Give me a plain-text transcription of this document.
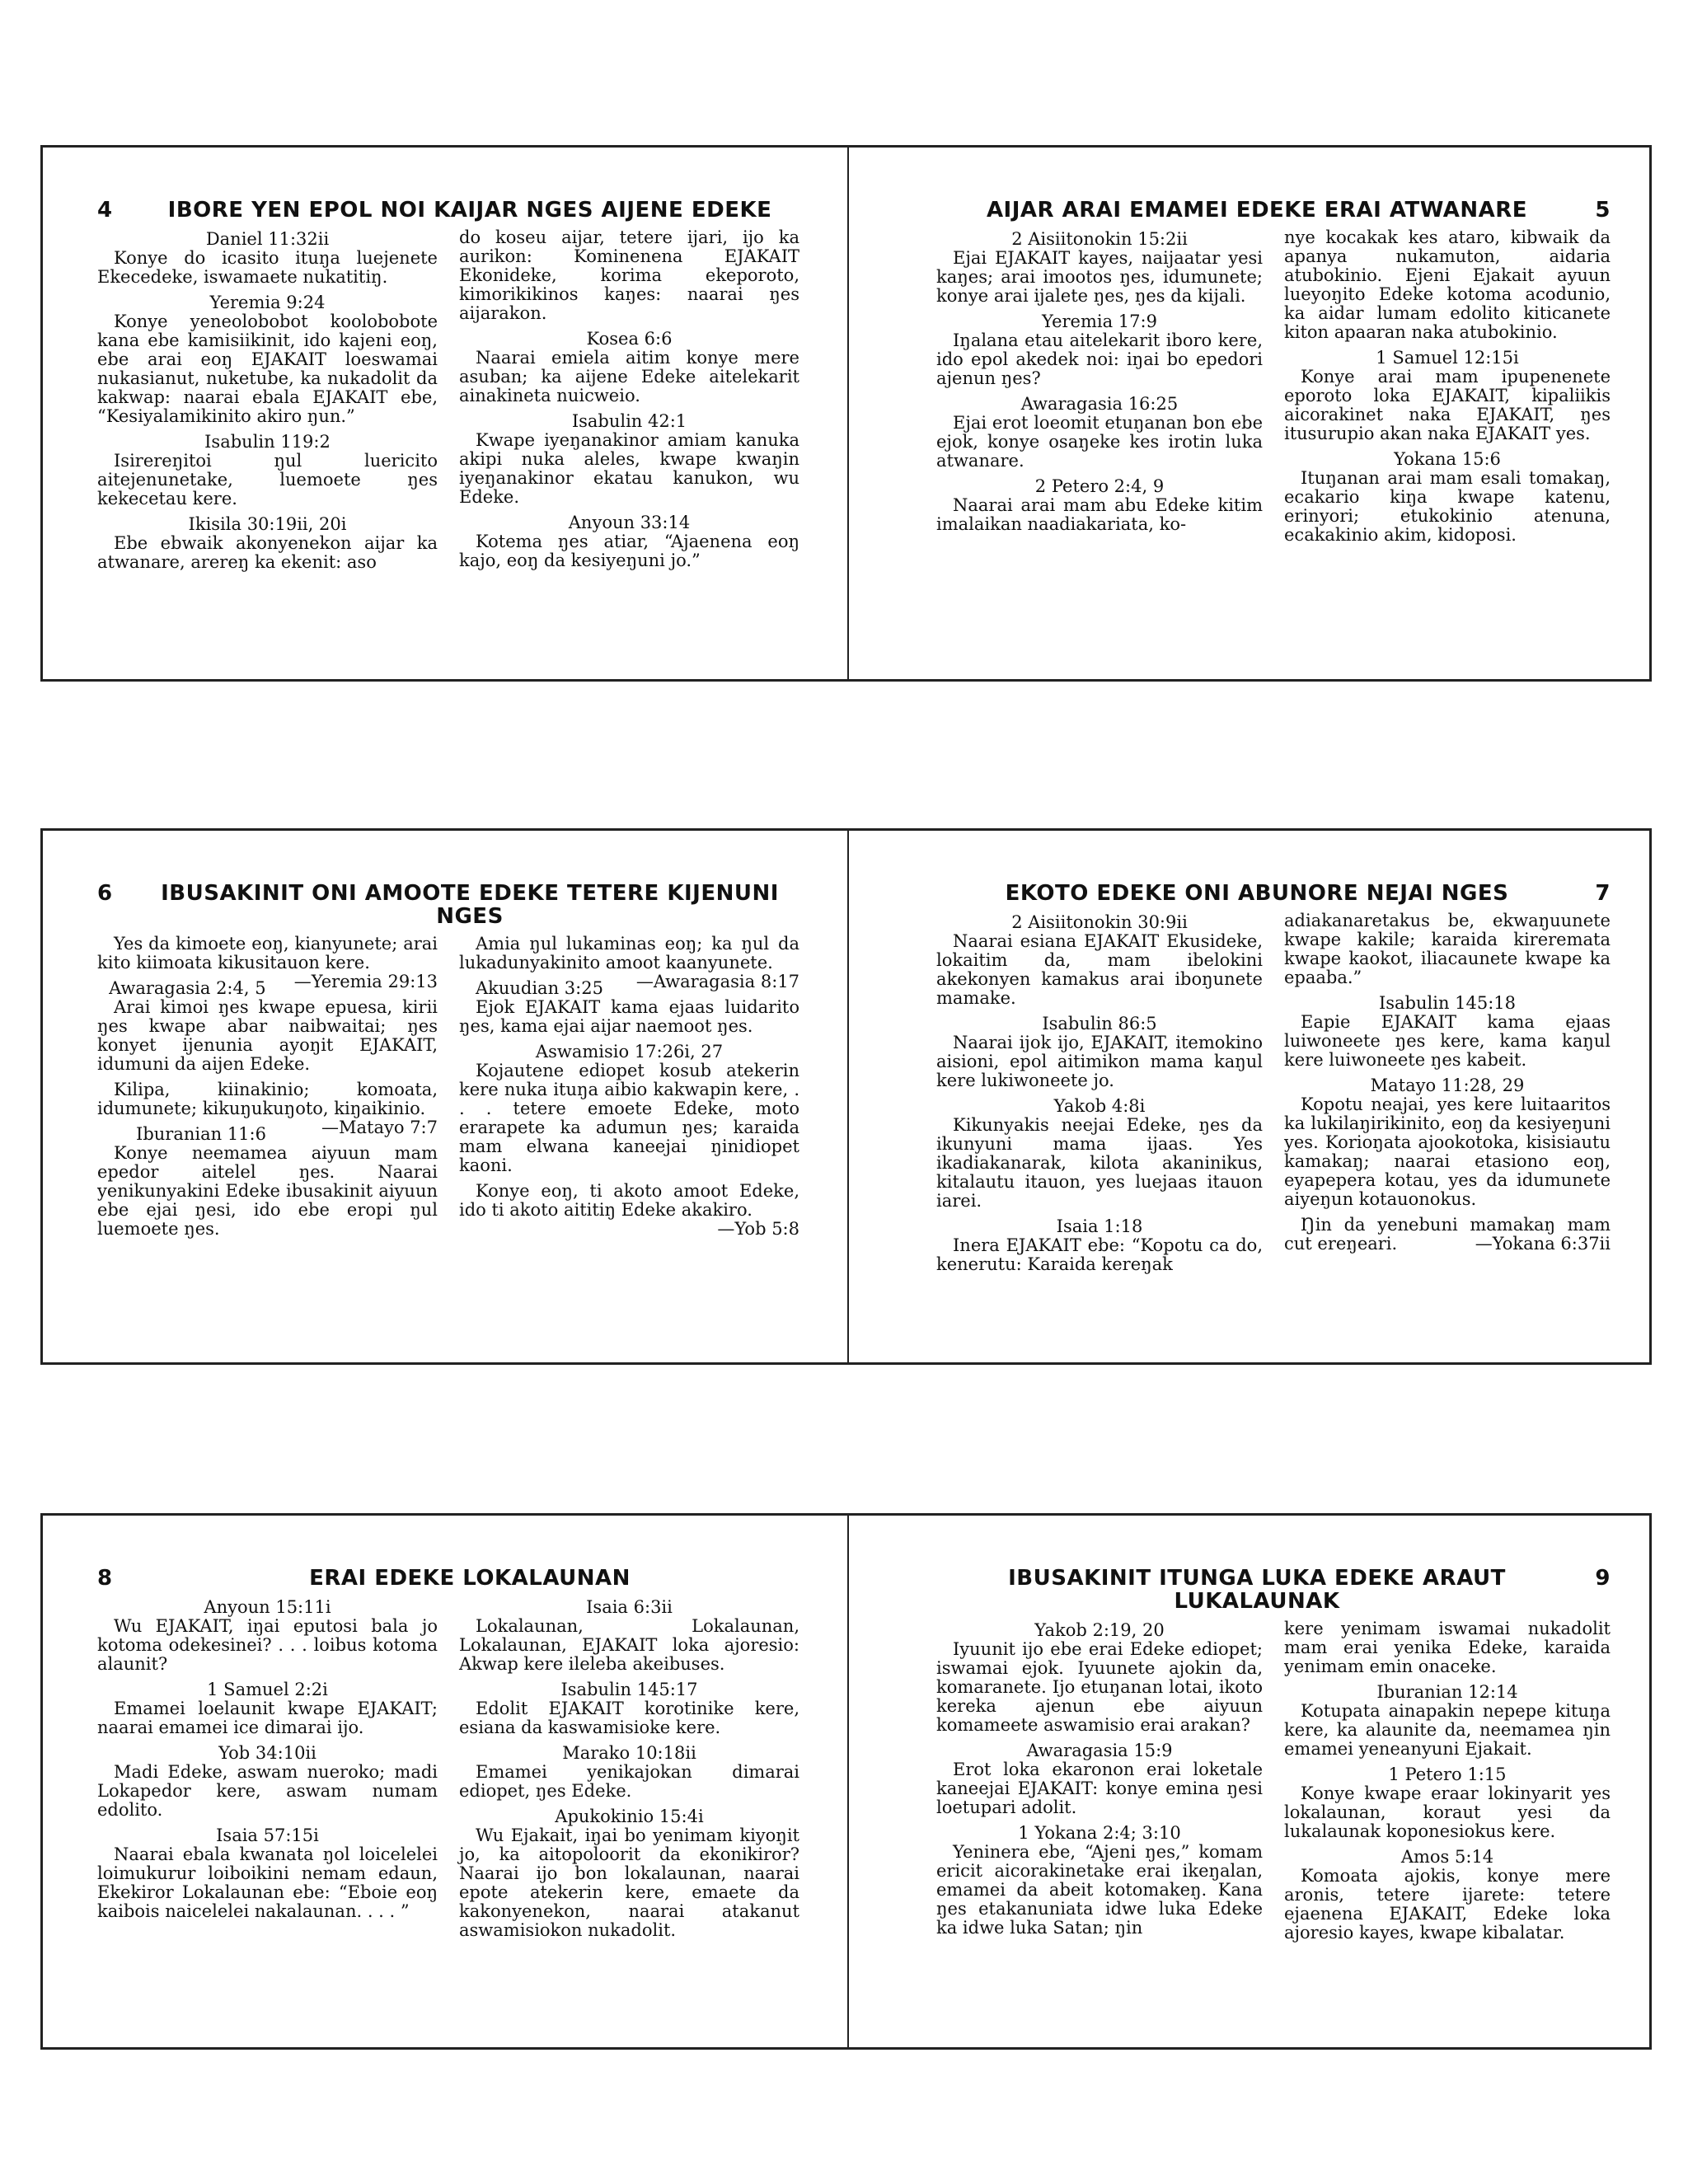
4	IBORE YEN EPOL NOI KAIJAR NGES AIJENE EDEKE
Daniel 11:32ii

Konye do icasito ituŋa luejenete Ekecedeke, iswamaete nukatitiŋ.

Yeremia 9:24

Konye yeneolobobot koolobobote kana ebe kamisiikinit, ido kajeni eoŋ, ebe arai eoŋ EJAKAIT loeswamai nukasianut, nuketube, ka nukadolit da kakwap: naarai ebala EJAKAIT ebe, “Kesiyalamikinito akiro ŋun.”

Isabulin 119:2

Isirereŋitoi ŋul luericito aitejenunetake, luemoete ŋes kekecetau kere.

Ikisila 30:19ii, 20i

Ebe ebwaik akonyenekon aijar ka atwanare, arereŋ ka ekenit: aso

do koseu aijar, tetere ijari, ijo ka aurikon: Kominenena EJAKAIT Ekonideke, korima ekeporoto, kimorikikinos kaŋes: naarai ŋes aijarakon.

Kosea 6:6

Naarai emiela aitim konye mere asuban; ka aijene Edeke aitelekarit ainakineta nuicweio.

Isabulin 42:1

Kwape iyeŋanakinor amiam kanuka akipi nuka aleles, kwape kwaŋin iyeŋanakinor ekatau kanukon, wu Edeke.

Anyoun 33:14

Kotema ŋes atiar, “Ajaenena eoŋ kajo, eoŋ da kesiyeŋuni jo.”

AIJAR ARAI EMAMEI EDEKE ERAI ATWANARE	5
2 Aisiitonokin 15:2ii

Ejai EJAKAIT kayes, naijaatar yesi kaŋes; arai imootos ŋes, idumunete; konye arai ijalete ŋes, ŋes da kijali.

Yeremia 17:9

Iŋalana etau aitelekarit iboro kere, ido epol akedek noi: iŋai bo epedori ajenun ŋes?

Awaragasia 16:25

Ejai erot loeomit etuŋanan bon ebe ejok, konye osaŋeke kes irotin luka atwanare.

2 Petero 2:4, 9

Naarai arai mam abu Edeke kitim imalaikan naadiakariata, ko-

nye kocakak kes ataro, kibwaik da apanya nukamuton, aidaria atubokinio. Ejeni Ejakait ayuun lueyoŋito Edeke kotoma acodunio, ka aidar lumam edolito kiticanete kiton apaaran naka atubokinio.

1 Samuel 12:15i

Konye arai mam ipupenenete eporoto loka EJAKAIT, kipaliikis aicorakinet naka EJAKAIT, ŋes itusurupio akan naka EJAKAIT yes.

Yokana 15:6

Ituŋanan arai mam esali tomakaŋ, ecakario kiŋa kwape katenu, erinyori; etukokinio atenuna, ecakakinio akim, kidoposi.

6	IBUSAKINIT ONI AMOOTE EDEKE TETERE KIJENUNI NGES

Yes da kimoete eoŋ, kianyunete; arai kito kiimoata kikusitauon kere.
—Yeremia 29:13

Awaragasia 2:4, 5

Arai kimoi ŋes kwape epuesa, kirii ŋes kwape abar naibwaitai; ŋes konyet ijenunia ayoŋit EJAKAIT, idumuni da aijen Edeke.

Kilipa, kiinakinio; komoata, idumunete; kikuŋukuŋoto, kiŋaikinio.
—Matayo 7:7

Iburanian 11:6

Konye neemamea aiyuun mam epedor aitelel ŋes. Naarai yenikunyakini Edeke ibusakinit aiyuun ebe ejai ŋesi, ido ebe eropi ŋul luemoete ŋes.

Amia ŋul lukaminas eoŋ; ka ŋul da lukadunyakinito amoot kaanyunete.
—Awaragasia 8:17

Akuudian 3:25

Ejok EJAKAIT kama ejaas luidarito ŋes, kama ejai aijar naemoot ŋes.

Aswamisio 17:26i, 27

Kojautene ediopet kosub atekerin kere nuka ituŋa aibio kakwapin kere, . . . tetere emoete Edeke, moto erarapete ka adumun ŋes; karaida mam elwana kaneejai ŋinidiopet kaoni.

Konye eoŋ, ti akoto amoot Edeke, ido ti akoto aititiŋ Edeke akakiro.
—Yob 5:8

EKOTO EDEKE ONI ABUNORE NEJAI NGES	7
2 Aisiitonokin 30:9ii

Naarai esiana EJAKAIT Ekusideke, lokaitim da, mam ibelokini akekonyen kamakus arai iboŋunete mamake.

Isabulin 86:5

Naarai ijok ijo, EJAKAIT, itemokino aisioni, epol aitimikon mama kaŋul kere lukiwoneete jo.

Yakob 4:8i

Kikunyakis neejai Edeke, ŋes da ikunyuni mama ijaas. Yes ikadiakanarak, kilota akaninikus, kitalautu itauon, yes luejaas itauon iarei.

Isaia 1:18

Inera EJAKAIT ebe: “Kopotu ca do, kenerutu: Karaida kereŋak

adiakanaretakus be, ekwaŋuunete kwape kakile; karaida kireremata kwape kaokot, iliacaunete kwape ka epaaba.”

Isabulin 145:18

Eapie EJAKAIT kama ejaas luiwoneete ŋes kere, kama kaŋul kere luiwoneete ŋes kabeit.

Matayo 11:28, 29

Kopotu neajai, yes kere luitaaritos ka lukilaŋirikinito, eoŋ da kesiyeŋuni yes. Korioŋata ajookotoka, kisisiautu kamakaŋ; naarai etasiono eoŋ, eyapepera kotau, yes da idumunete aiyeŋun kotauonokus.

Ŋin da yenebuni mamakaŋ mam cut ereŋeari.	—Yokana 6:37ii

8	ERAI EDEKE LOKALAUNAN
Anyoun 15:11i

Wu EJAKAIT, iŋai eputosi bala jo kotoma odekesinei? . . . loibus kotoma alaunit?

1 Samuel 2:2i

Emamei loelaunit kwape EJAKAIT; naarai emamei ice dimarai ijo.

Yob 34:10ii

Madi Edeke, aswam nueroko; madi Lokapedor kere, aswam numam edolito.

Isaia 57:15i

Naarai ebala kwanata ŋol loicelelei loimukurur loiboikini nemam edaun, Ekekiror Lokalaunan ebe: “Eboie eoŋ kaibois naicelelei nakalaunan. . . . ”

Isaia 6:3ii

Lokalaunan, Lokalaunan, Lokalaunan, EJAKAIT loka ajoresio: Akwap kere ileleba akeibuses.

Isabulin 145:17

Edolit EJAKAIT korotinike kere, esiana da kaswamisioke kere.

Marako 10:18ii

Emamei yenikajokan dimarai ediopet, ŋes Edeke.

Apukokinio 15:4i

Wu Ejakait, iŋai bo yenimam kiyoŋit jo, ka aitopoloorit da ekonikiror? Naarai ijo bon lokalaunan, naarai epote atekerin kere, emaete da kakonyenekon, naarai atakanut aswamisiokon nukadolit.

IBUSAKINIT ITUNGA LUKA EDEKE ARAUT LUKALAUNAK
9
Yakob 2:19, 20

Iyuunit ijo ebe erai Edeke ediopet; iswamai ejok. Iyuunete ajokin da, komaranete. Ijo etuŋanan lotai, ikoto kereka ajenun ebe aiyuun komameete aswamisio erai arakan?

Awaragasia 15:9

Erot loka ekaronon erai loketale kaneejai EJAKAIT: konye emina ŋesi loetupari adolit.

1 Yokana 2:4; 3:10

Yeninera ebe, “Ajeni ŋes,” komam ericit aicorakinetake erai ikeŋalan, emamei da abeit kotomakeŋ. Kana ŋes etakanuniata idwe luka Edeke ka idwe luka Satan; ŋin

kere yenimam iswamai nukadolit mam erai yenika Edeke, karaida yenimam emin onaceke.

Iburanian 12:14

Kotupata ainapakin nepepe kituŋa kere, ka alaunite da, neemamea ŋin emamei yeneanyuni Ejakait.

1 Petero 1:15

Konye kwape eraar lokinyarit yes lokalaunan, koraut yesi da lukalaunak koponesiokus kere.

Amos 5:14

Komoata ajokis, konye mere aronis, tetere ijarete: tetere ejaenena EJAKAIT, Edeke loka ajoresio kayes, kwape kibalatar.
